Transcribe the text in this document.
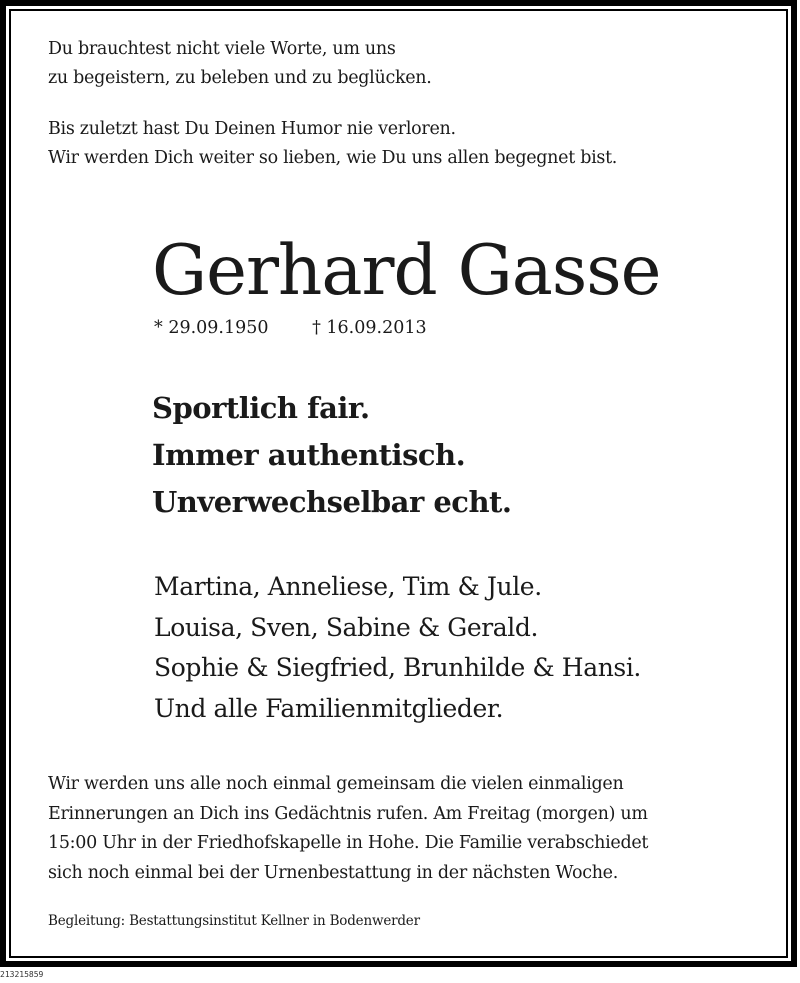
Du brauchtest nicht viele Worte, um uns
zu begeistern, zu beleben und zu beglücken.

Bis zuletzt hast Du Deinen Humor nie verloren.
Wir werden Dich weiter so lieben, wie Du uns allen begegnet bist.

Gerhard Gasse
* 29.09.1950 † 16.09.2013
Sportlich fair.
Immer authentisch.
Unverwechselbar echt.
Martina, Anneliese, Tim & Jule.
Louisa, Sven, Sabine & Gerald.
Sophie & Siegfried, Brunhilde & Hansi.
Und alle Familienmitglieder.

Wir werden uns alle noch einmal gemeinsam die vielen einmaligen
Erinnerungen an Dich ins Gedächtnis rufen. Am Freitag (morgen) um
15:00 Uhr in der Friedhofskapelle in Hohe. Die Familie verabschiedet
sich noch einmal bei der Urnenbestattung in der nächsten Woche.

Begleitung: Bestattungsinstitut Kellner in Bodenwerder
213215859
